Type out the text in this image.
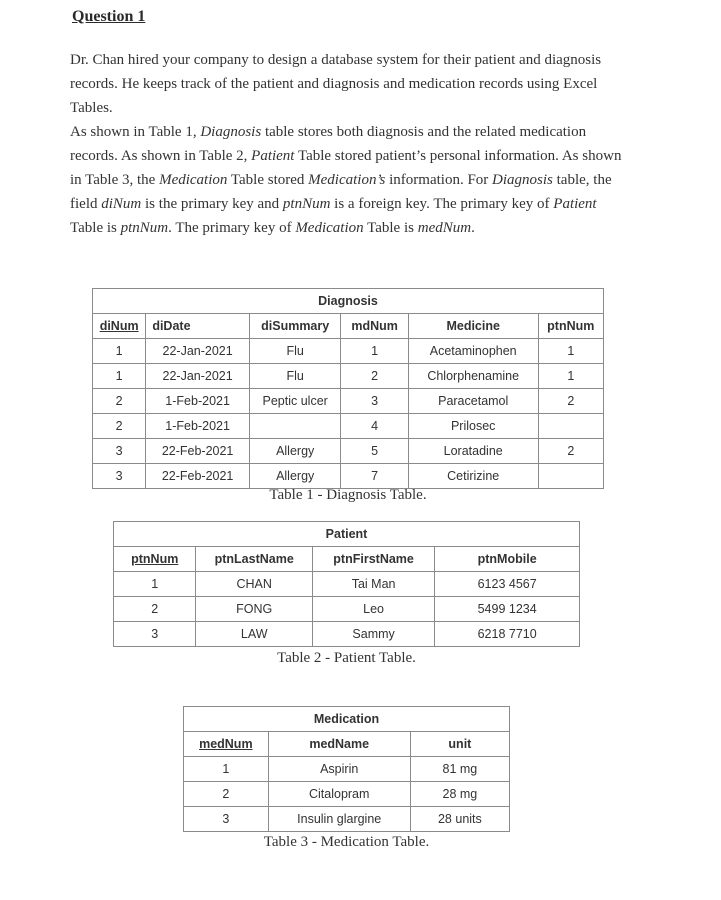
Question 1

Dr. Chan hired your company to design a database system for their patient and diagnosis records. He keeps track of the patient and diagnosis and medication records using Excel Tables.

As shown in Table 1, Diagnosis table stores both diagnosis and the related medication records. As shown in Table 2, Patient Table stored patient’s personal information. As shown in Table 3, the Medication Table stored Medication’s information. For Diagnosis table, the field diNum is the primary key and ptnNum is a foreign key. The primary key of Patient Table is ptnNum. The primary key of Medication Table is medNum.

Diagnosis					
diNum	diDate	diSummary	mdNum	Medicine	ptnNum
1	22-Jan-2021	Flu	1	Acetaminophen	1
1	22-Jan-2021	Flu	2	Chlorphenamine	1
2	1-Feb-2021	Peptic ulcer	3	Paracetamol	2
2	1-Feb-2021		4	Prilosec	
3	22-Feb-2021	Allergy	5	Loratadine	2
3	22-Feb-2021	Allergy	7	Cetirizine	
Table 1 - Diagnosis Table.
Patient			
ptnNum	ptnLastName	ptnFirstName	ptnMobile
1	CHAN	Tai Man	6123 4567
2	FONG	Leo	5499 1234
3	LAW	Sammy	6218 7710
Table 2 - Patient Table.
Medication		
medNum	medName	unit
1	Aspirin	81 mg
2	Citalopram	28 mg
3	Insulin glargine	28 units
Table 3 - Medication Table.
